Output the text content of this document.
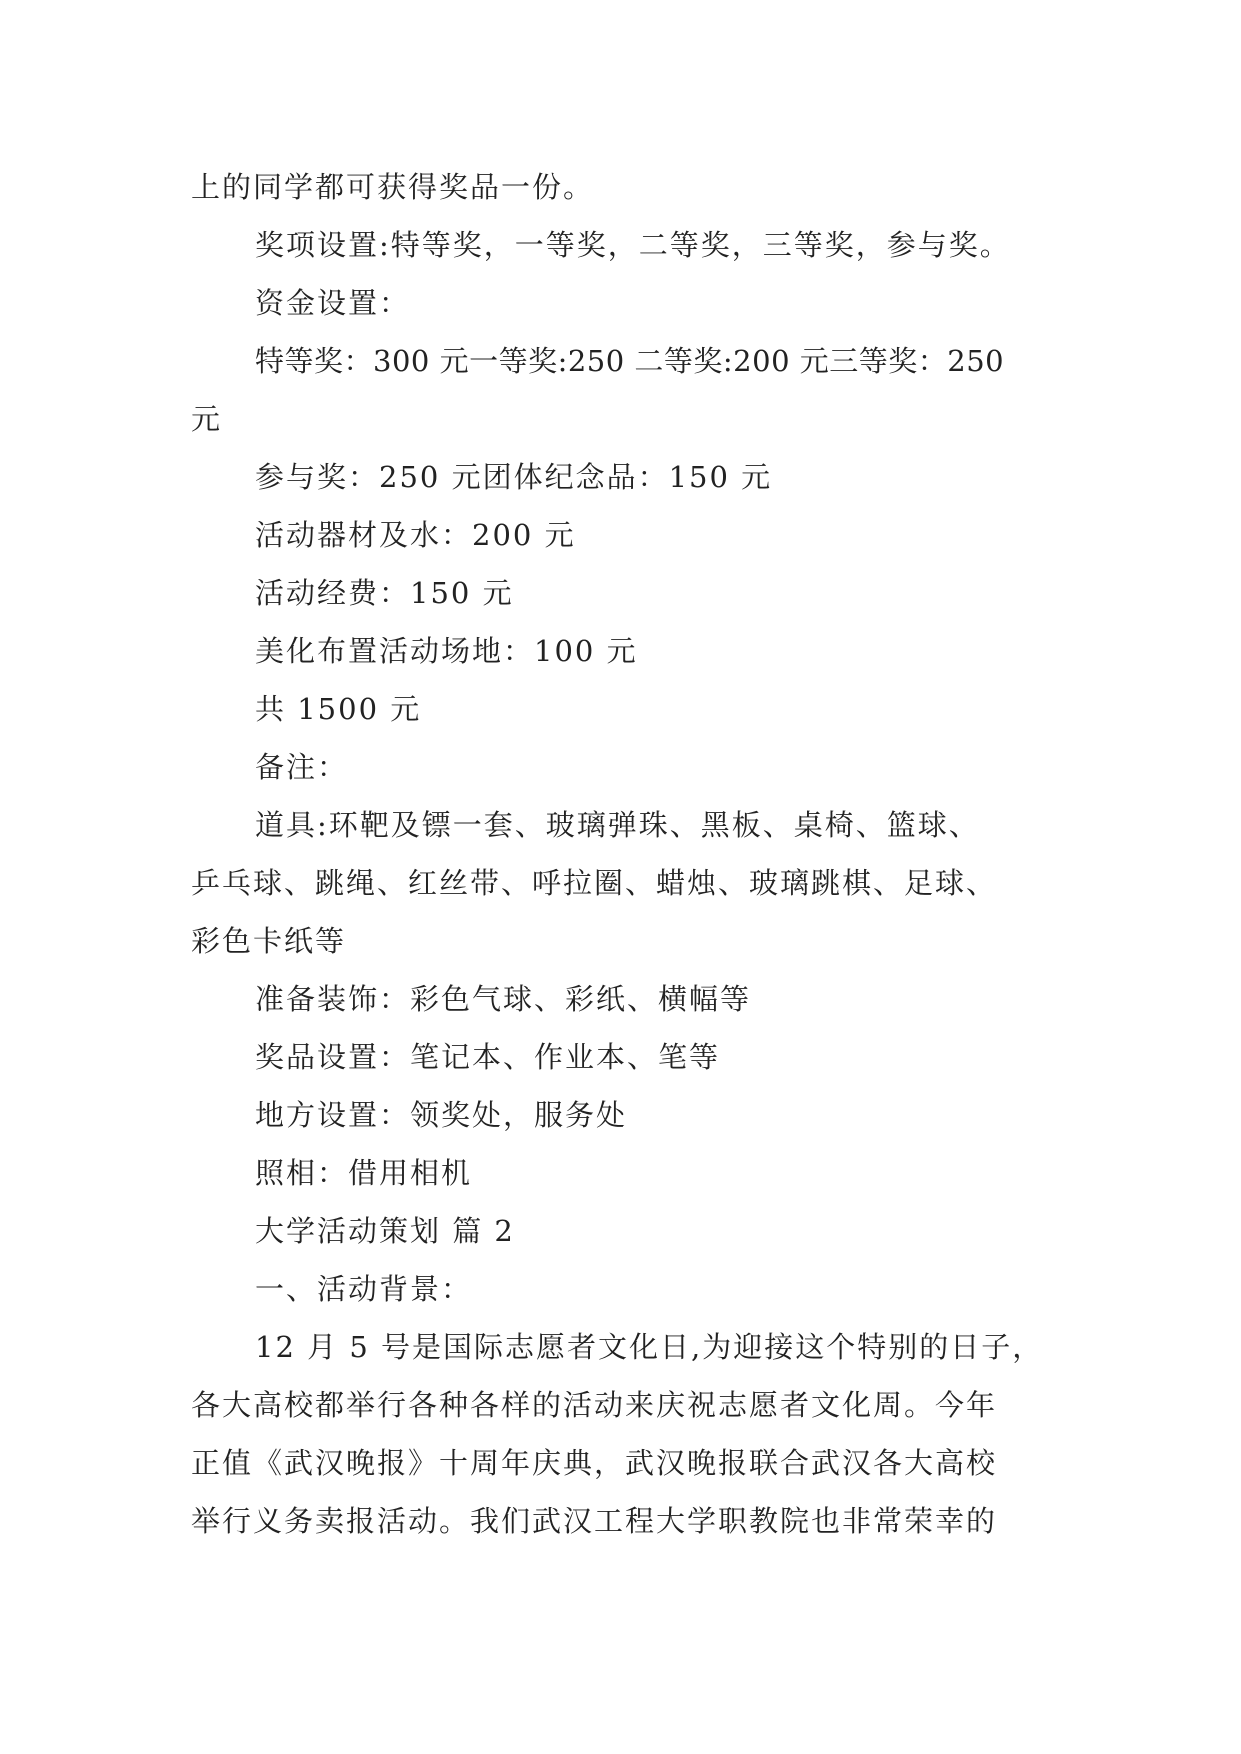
上的同学都可获得奖品一份。
奖项设置:特等奖，一等奖，二等奖，三等奖，参与奖。
资金设置：
特等奖：300 元一等奖:250 二等奖:200 元三等奖：250
元
参与奖：250 元团体纪念品：150 元
活动器材及水：200 元
活动经费：150 元
美化布置活动场地：100 元
共 1500 元
备注：
道具:环靶及镖一套、玻璃弹珠、黑板、桌椅、篮球、
乒乓球、跳绳、红丝带、呼拉圈、蜡烛、玻璃跳棋、足球、
彩色卡纸等
准备装饰：彩色气球、彩纸、横幅等
奖品设置：笔记本、作业本、笔等
地方设置：领奖处，服务处
照相：借用相机
大学活动策划 篇 2
一、活动背景：
12 月 5 号是国际志愿者文化日,为迎接这个特别的日子，
各大高校都举行各种各样的活动来庆祝志愿者文化周。今年
正值《武汉晚报》十周年庆典，武汉晚报联合武汉各大高校
举行义务卖报活动。我们武汉工程大学职教院也非常荣幸的
